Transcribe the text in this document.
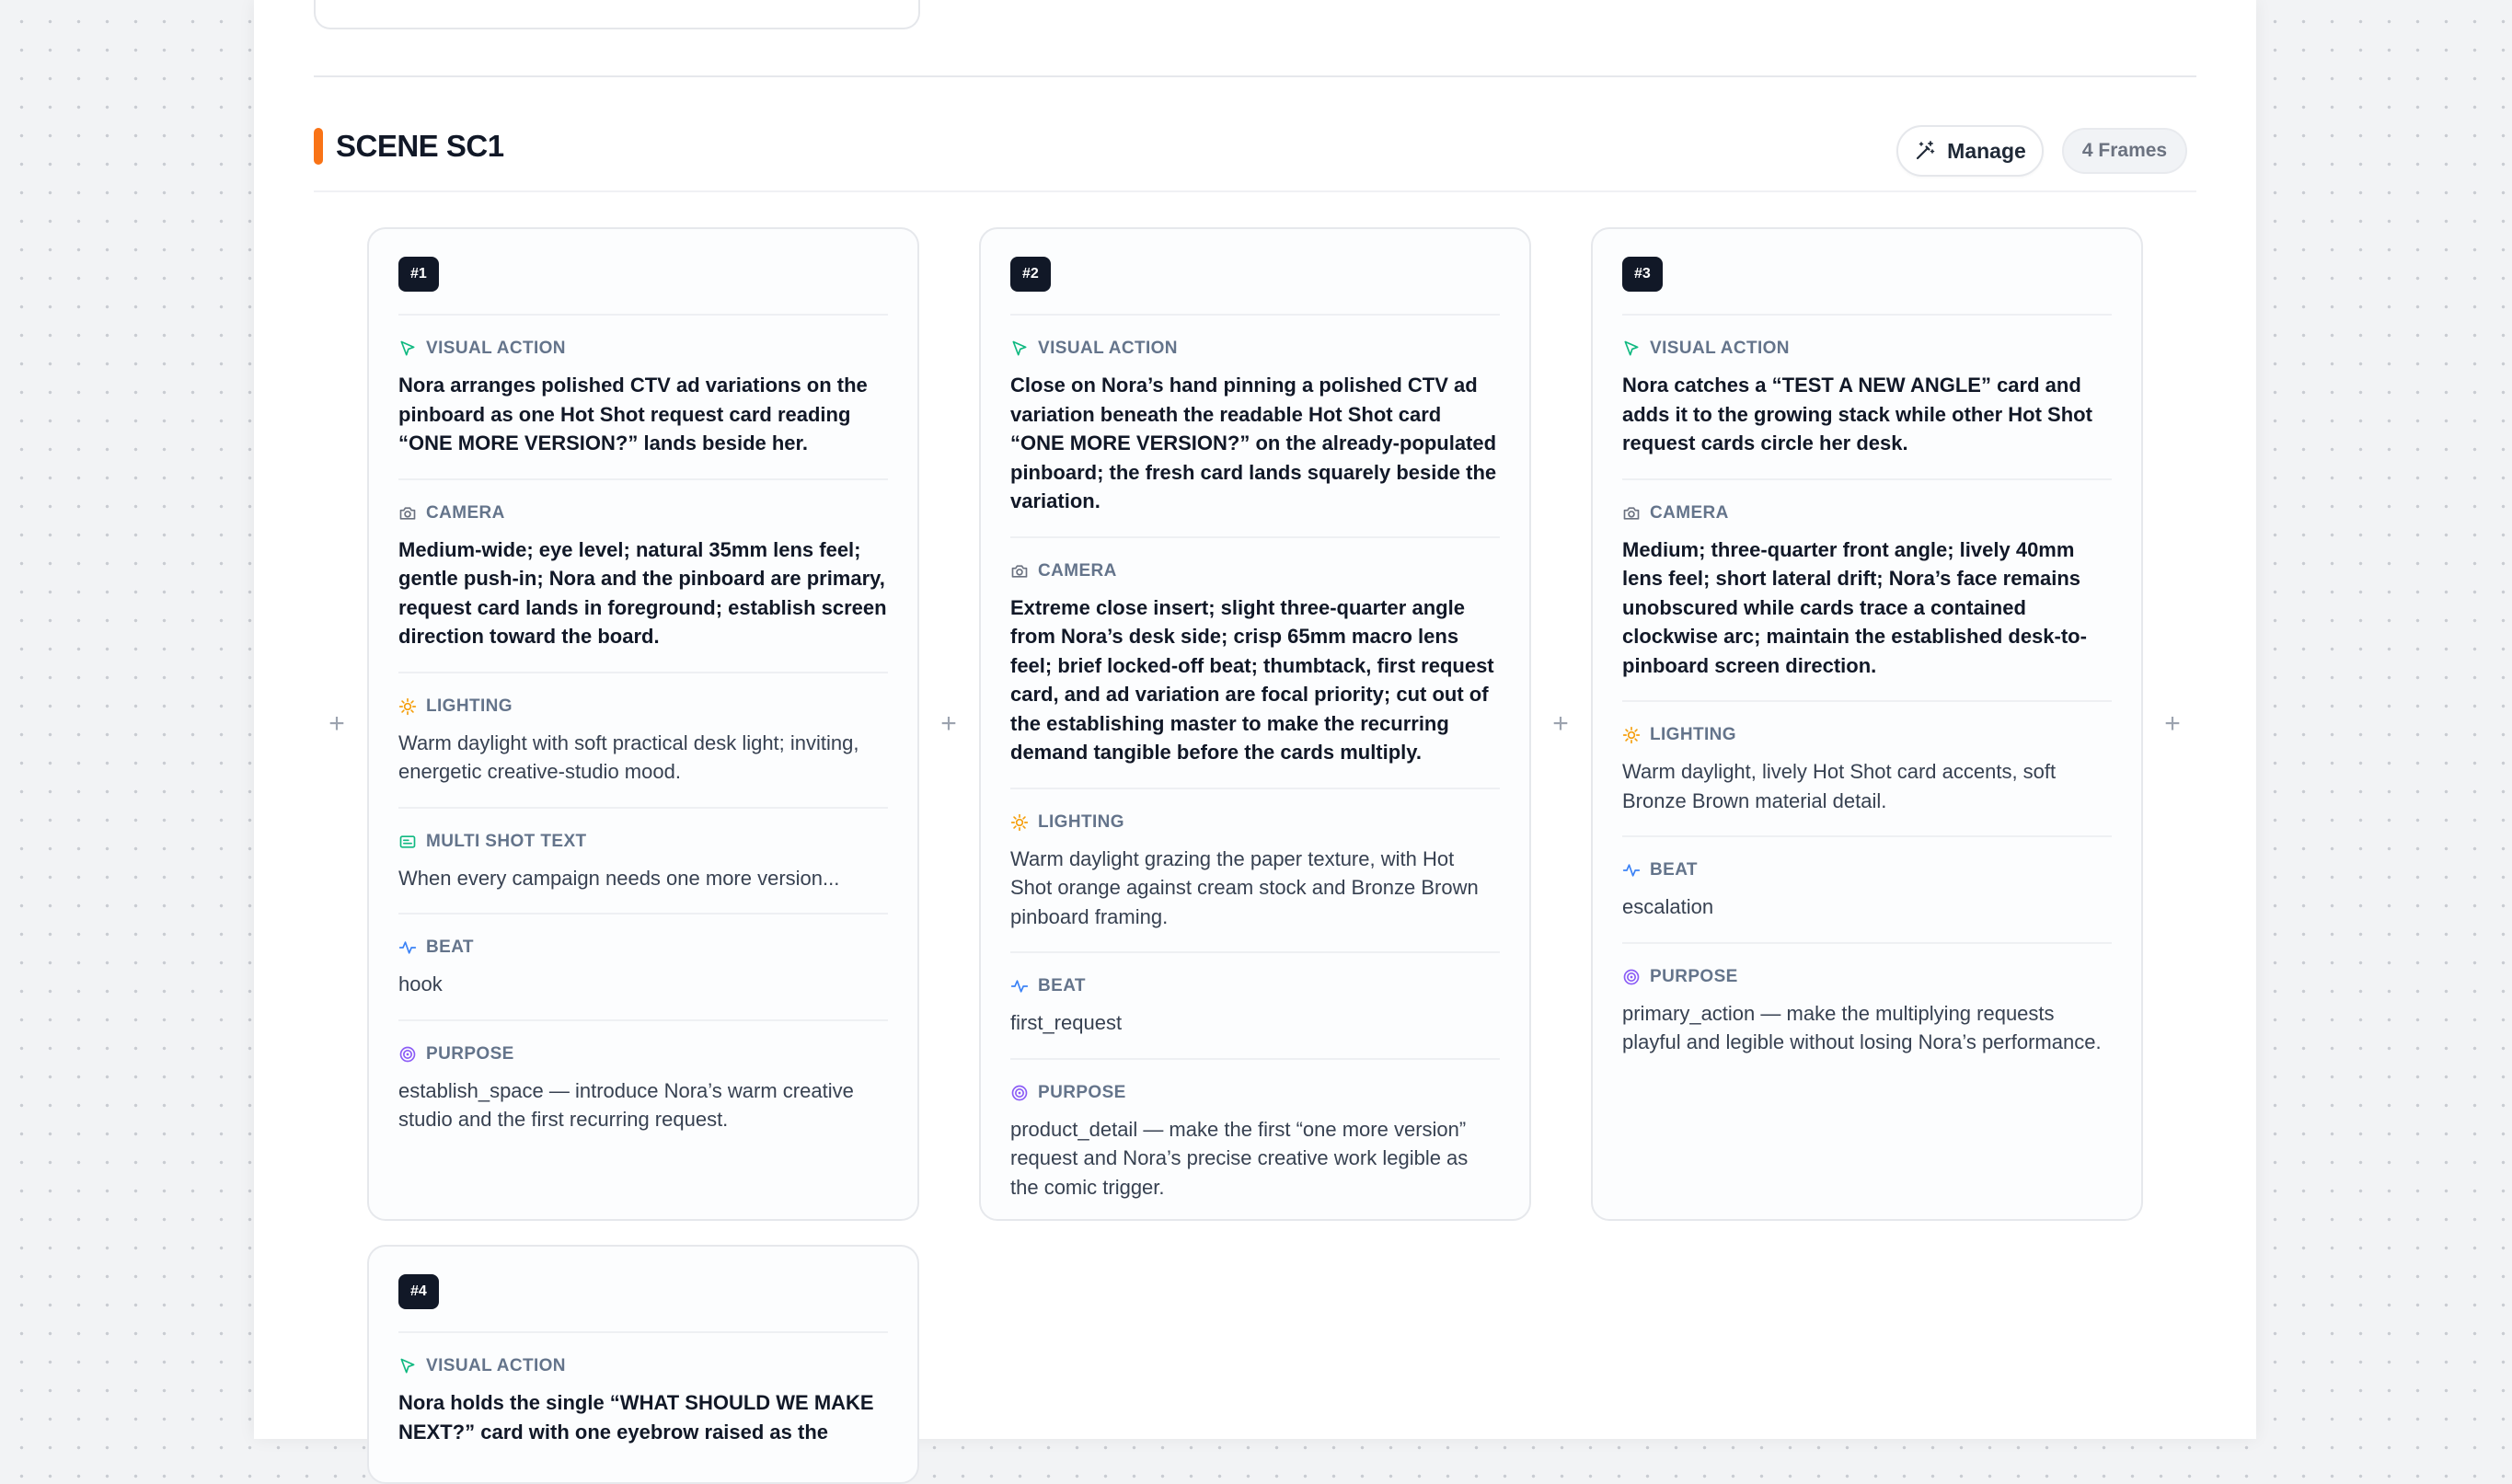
SCENE SC1	Manage	4 Frames
+	+	+	+
#1
VISUAL ACTION
Nora arranges polished CTV ad variations on the pinboard as one Hot Shot request card reading “ONE MORE VERSION?” lands beside her.
CAMERA
Medium-wide; eye level; natural 35mm lens feel; gentle push-in; Nora and the pinboard are primary, request card lands in foreground; establish screen direction toward the board.
LIGHTING
Warm daylight with soft practical desk light; inviting, energetic creative-studio mood.
MULTI SHOT TEXT
When every campaign needs one more version...
BEAT
hook
PURPOSE
establish_space — introduce Nora’s warm creative studio and the first recurring request.
#2
VISUAL ACTION
Close on Nora’s hand pinning a polished CTV ad variation beneath the readable Hot Shot card “ONE MORE VERSION?” on the already-populated pinboard; the fresh card lands squarely beside the variation.
CAMERA
Extreme close insert; slight three-quarter angle from Nora’s desk side; crisp 65mm macro lens feel; brief locked-off beat; thumbtack, first request card, and ad variation are focal priority; cut out of the establishing master to make the recurring demand tangible before the cards multiply.
LIGHTING
Warm daylight grazing the paper texture, with Hot Shot orange against cream stock and Bronze Brown pinboard framing.
BEAT
first_request
PURPOSE
product_detail — make the first “one more version” request and Nora’s precise creative work legible as the comic trigger.
#3
VISUAL ACTION
Nora catches a “TEST A NEW ANGLE” card and adds it to the growing stack while other Hot Shot request cards circle her desk.
CAMERA
Medium; three-quarter front angle; lively 40mm lens feel; short lateral drift; Nora’s face remains unobscured while cards trace a contained clockwise arc; maintain the established desk-to-pinboard screen direction.
LIGHTING
Warm daylight, lively Hot Shot card accents, soft Bronze Brown material detail.
BEAT
escalation
PURPOSE
primary_action — make the multiplying requests playful and legible without losing Nora’s performance.
#4
VISUAL ACTION
Nora holds the single “WHAT SHOULD WE MAKE NEXT?” card with one eyebrow raised as the
